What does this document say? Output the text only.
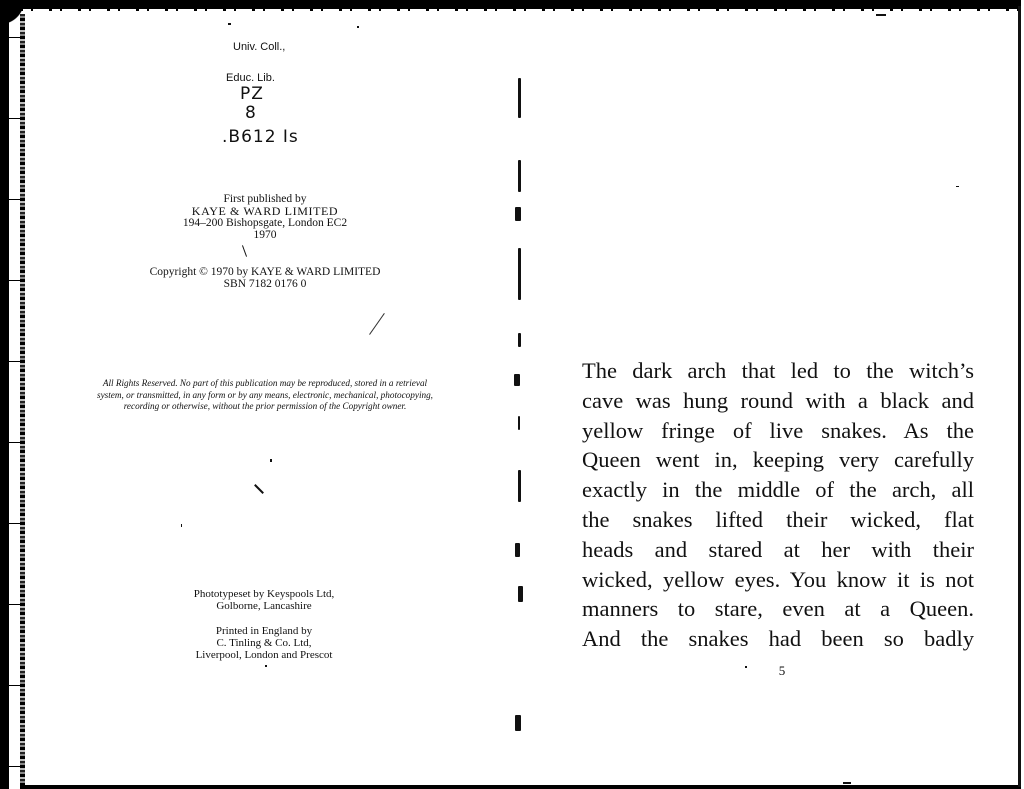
Univ. Coll.,
Educ. Lib.
PZ
8
.B612 Is
First published by
KAYE & WARD LIMITED
194–200 Bishopsgate, London EC2
1970
Copyright © 1970 by KAYE & WARD LIMITED
SBN 7182 0176 0
All Rights Reserved. No part of this publication may be reproduced, stored in a retrieval
system, or transmitted, in any form or by any means, electronic, mechanical, photocopying,
recording or otherwise, without the prior permission of the Copyright owner.
Phototypeset by Keyspools Ltd,
Golborne, Lancashire
Printed in England by
C. Tinling & Co. Ltd,
Liverpool, London and Prescot
The dark arch that led to the witch’s
cave was hung round with a black and
yellow fringe of live snakes. As the
Queen went in, keeping very carefully
exactly in the middle of the arch, all
the snakes lifted their wicked, flat
heads and stared at her with their
wicked, yellow eyes. You know it is not
manners to stare, even at a Queen.
And the snakes had been so badly
5
